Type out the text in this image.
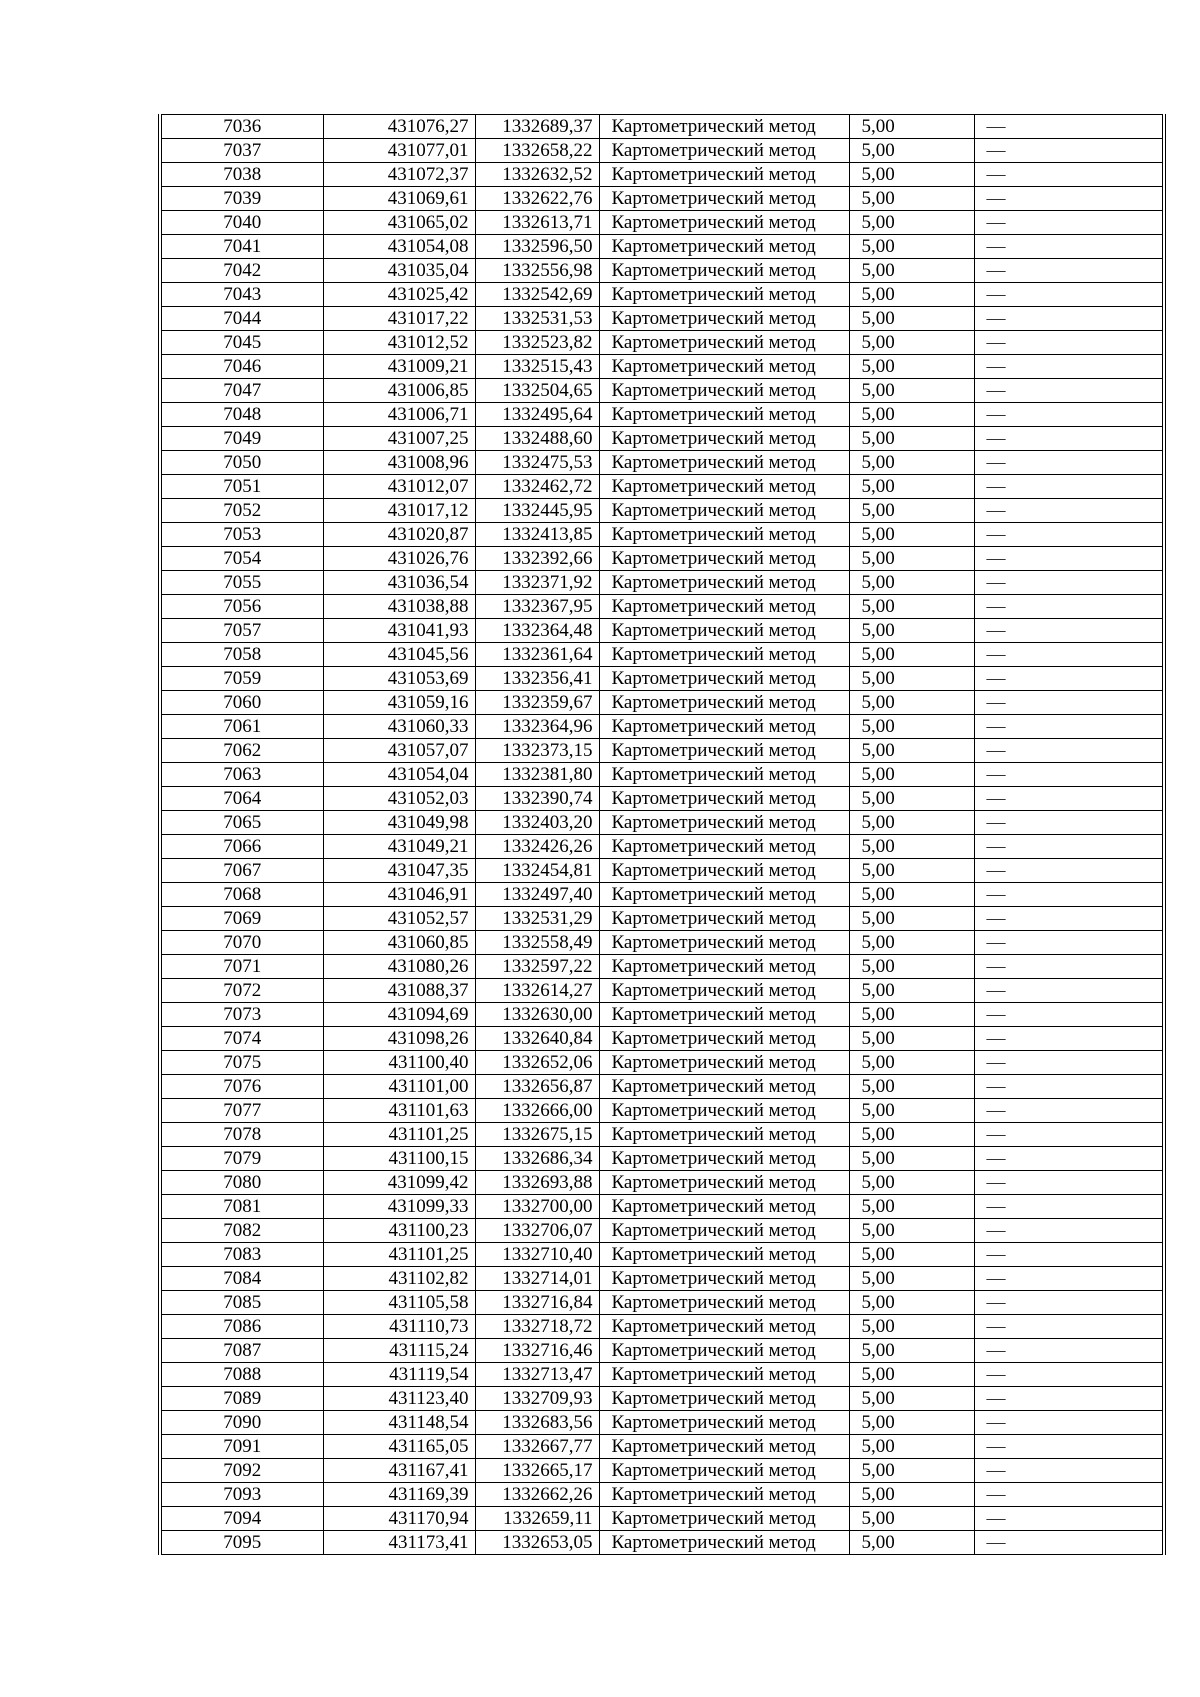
7036	431076,27	1332689,37	Картометрический метод	5,00	—
7037	431077,01	1332658,22	Картометрический метод	5,00	—
7038	431072,37	1332632,52	Картометрический метод	5,00	—
7039	431069,61	1332622,76	Картометрический метод	5,00	—
7040	431065,02	1332613,71	Картометрический метод	5,00	—
7041	431054,08	1332596,50	Картометрический метод	5,00	—
7042	431035,04	1332556,98	Картометрический метод	5,00	—
7043	431025,42	1332542,69	Картометрический метод	5,00	—
7044	431017,22	1332531,53	Картометрический метод	5,00	—
7045	431012,52	1332523,82	Картометрический метод	5,00	—
7046	431009,21	1332515,43	Картометрический метод	5,00	—
7047	431006,85	1332504,65	Картометрический метод	5,00	—
7048	431006,71	1332495,64	Картометрический метод	5,00	—
7049	431007,25	1332488,60	Картометрический метод	5,00	—
7050	431008,96	1332475,53	Картометрический метод	5,00	—
7051	431012,07	1332462,72	Картометрический метод	5,00	—
7052	431017,12	1332445,95	Картометрический метод	5,00	—
7053	431020,87	1332413,85	Картометрический метод	5,00	—
7054	431026,76	1332392,66	Картометрический метод	5,00	—
7055	431036,54	1332371,92	Картометрический метод	5,00	—
7056	431038,88	1332367,95	Картометрический метод	5,00	—
7057	431041,93	1332364,48	Картометрический метод	5,00	—
7058	431045,56	1332361,64	Картометрический метод	5,00	—
7059	431053,69	1332356,41	Картометрический метод	5,00	—
7060	431059,16	1332359,67	Картометрический метод	5,00	—
7061	431060,33	1332364,96	Картометрический метод	5,00	—
7062	431057,07	1332373,15	Картометрический метод	5,00	—
7063	431054,04	1332381,80	Картометрический метод	5,00	—
7064	431052,03	1332390,74	Картометрический метод	5,00	—
7065	431049,98	1332403,20	Картометрический метод	5,00	—
7066	431049,21	1332426,26	Картометрический метод	5,00	—
7067	431047,35	1332454,81	Картометрический метод	5,00	—
7068	431046,91	1332497,40	Картометрический метод	5,00	—
7069	431052,57	1332531,29	Картометрический метод	5,00	—
7070	431060,85	1332558,49	Картометрический метод	5,00	—
7071	431080,26	1332597,22	Картометрический метод	5,00	—
7072	431088,37	1332614,27	Картометрический метод	5,00	—
7073	431094,69	1332630,00	Картометрический метод	5,00	—
7074	431098,26	1332640,84	Картометрический метод	5,00	—
7075	431100,40	1332652,06	Картометрический метод	5,00	—
7076	431101,00	1332656,87	Картометрический метод	5,00	—
7077	431101,63	1332666,00	Картометрический метод	5,00	—
7078	431101,25	1332675,15	Картометрический метод	5,00	—
7079	431100,15	1332686,34	Картометрический метод	5,00	—
7080	431099,42	1332693,88	Картометрический метод	5,00	—
7081	431099,33	1332700,00	Картометрический метод	5,00	—
7082	431100,23	1332706,07	Картометрический метод	5,00	—
7083	431101,25	1332710,40	Картометрический метод	5,00	—
7084	431102,82	1332714,01	Картометрический метод	5,00	—
7085	431105,58	1332716,84	Картометрический метод	5,00	—
7086	431110,73	1332718,72	Картометрический метод	5,00	—
7087	431115,24	1332716,46	Картометрический метод	5,00	—
7088	431119,54	1332713,47	Картометрический метод	5,00	—
7089	431123,40	1332709,93	Картометрический метод	5,00	—
7090	431148,54	1332683,56	Картометрический метод	5,00	—
7091	431165,05	1332667,77	Картометрический метод	5,00	—
7092	431167,41	1332665,17	Картометрический метод	5,00	—
7093	431169,39	1332662,26	Картометрический метод	5,00	—
7094	431170,94	1332659,11	Картометрический метод	5,00	—
7095	431173,41	1332653,05	Картометрический метод	5,00	—
